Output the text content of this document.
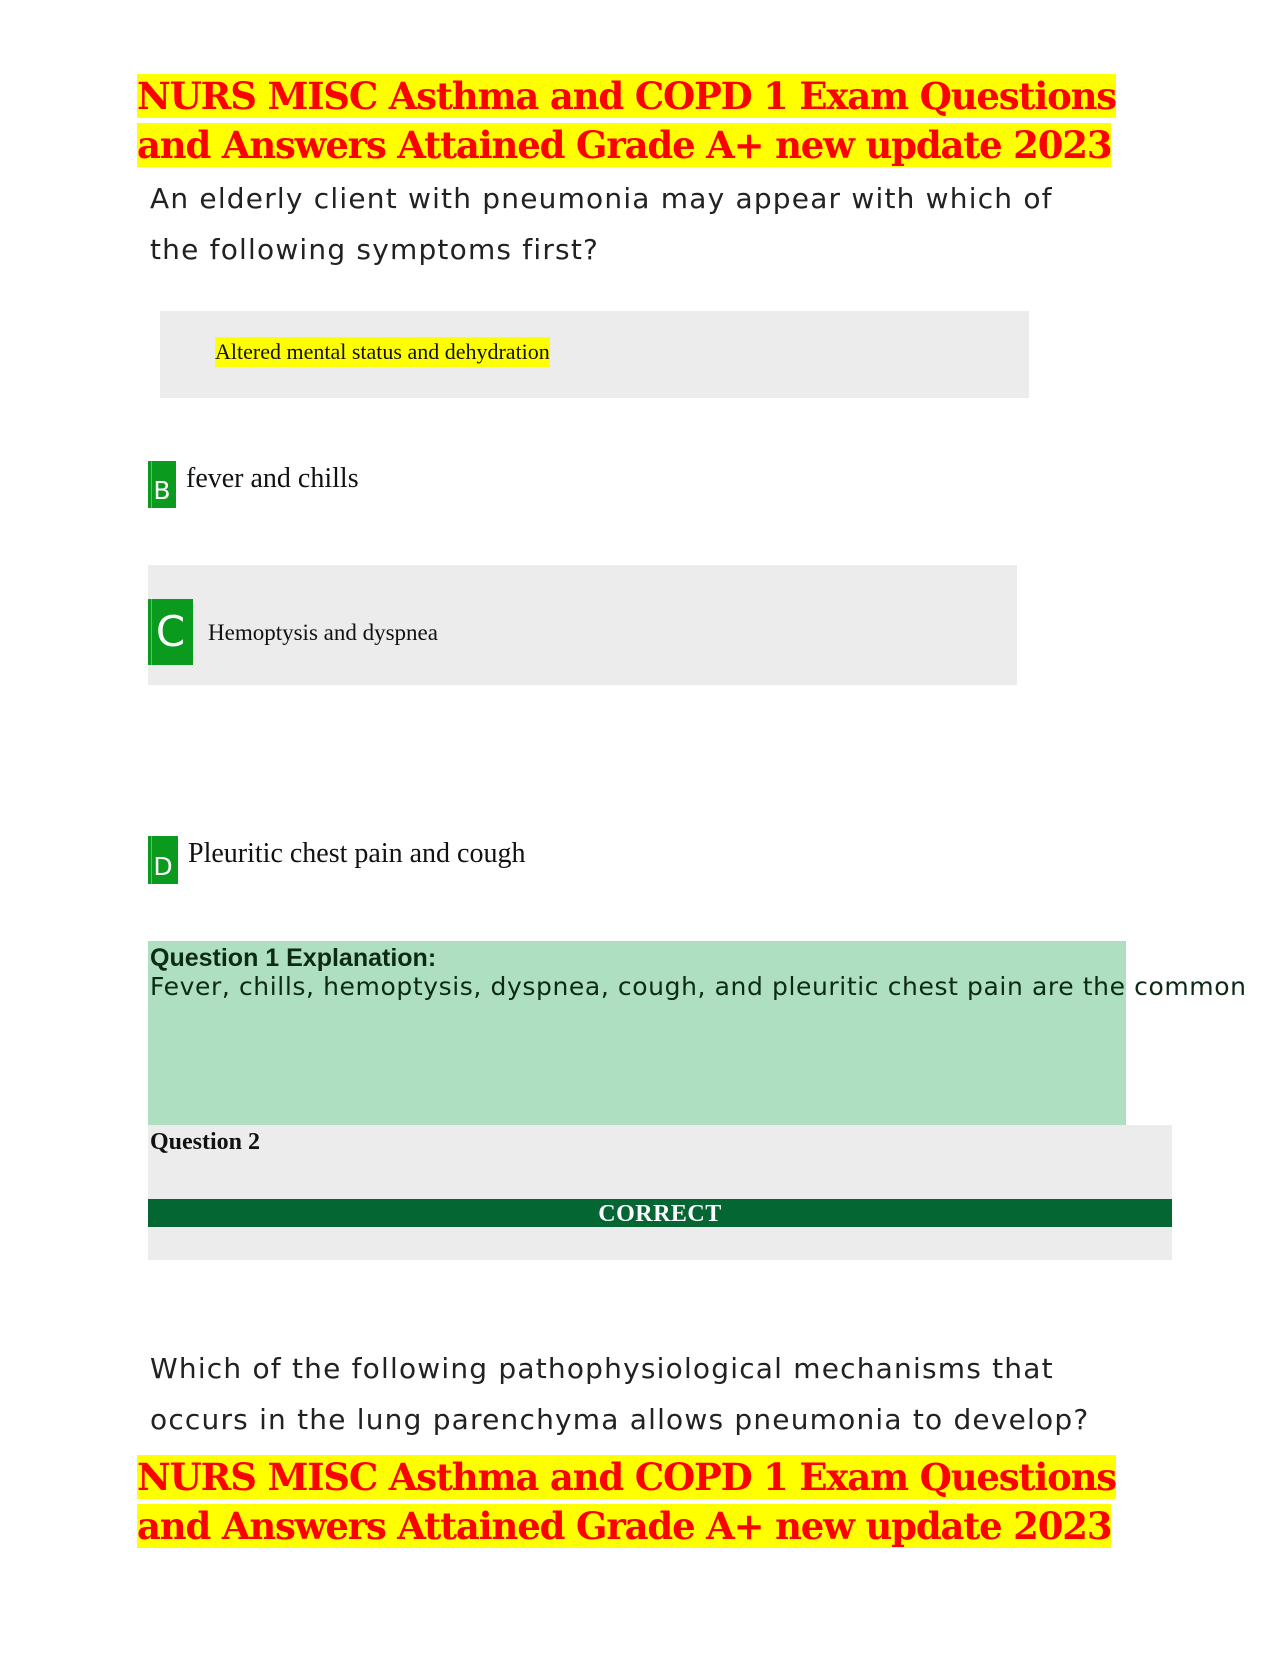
NURS MISC Asthma and COPD 1 Exam Questions and Answers Attained Grade A+ new update 2023

An elderly client with pneumonia may appear with which of the following symptoms first?

Altered mental status and dehydration
B fever and chills
C Hemoptysis and dyspnea
D Pleuritic chest pain and cough
Question 1 Explanation:
Fever, chills, hemoptysis, dyspnea, cough, and pleuritic chest pain are the common
Question 2
CORRECT

Which of the following pathophysiological mechanisms that occurs in the lung parenchyma allows pneumonia to develop?

NURS MISC Asthma and COPD 1 Exam Questions and Answers Attained Grade A+ new update 2023
